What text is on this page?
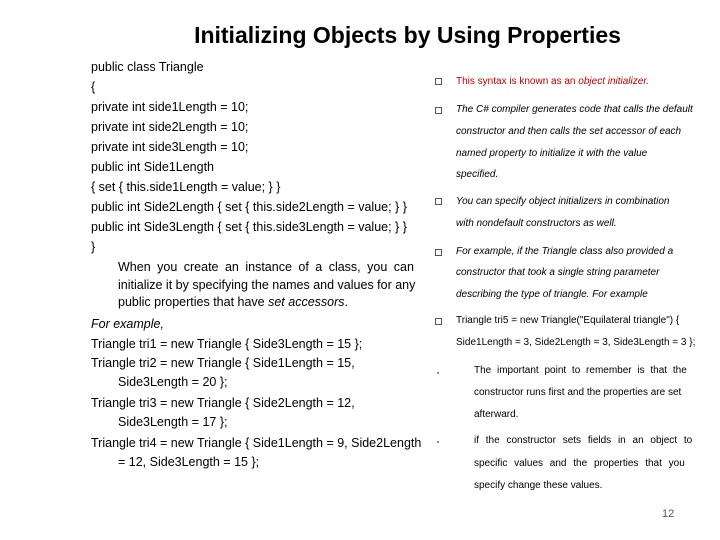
Initializing Objects by Using Properties
public class Triangle
{
private int side1Length = 10;
private int side2Length = 10;
private int side3Length = 10;
public int Side1Length
{ set { this.side1Length = value; } }
public int Side2Length { set { this.side2Length = value; } }
public int Side3Length { set { this.side3Length = value; } }
}
When you create an instance of a class, you can
initialize it by specifying the names and values for any
public properties that have set accessors.
For example,
Triangle tri1 = new Triangle { Side3Length = 15 };
Triangle tri2 = new Triangle { Side1Length = 15,
Side3Length = 20 };
Triangle tri3 = new Triangle { Side2Length = 12,
Side3Length = 17 };
Triangle tri4 = new Triangle { Side1Length = 9, Side2Length
= 12, Side3Length = 15 };
This syntax is known as an object initializer.
The C# compiler generates code that calls the default
constructor and then calls the set accessor of each
named property to initialize it with the value
specified.
You can specify object initializers in combination
with nondefault constructors as well.
For example, if the Triangle class also provided a
constructor that took a single string parameter
describing the type of triangle. For example
Triangle tri5 = new Triangle("Equilateral triangle") {
Side1Length = 3, Side2Length = 3, Side3Length = 3 };
The important point to remember is that the
constructor runs first and the properties are set
afterward.
if the constructor sets fields in an object to
specific values and the properties that you
specify change these values.
12
